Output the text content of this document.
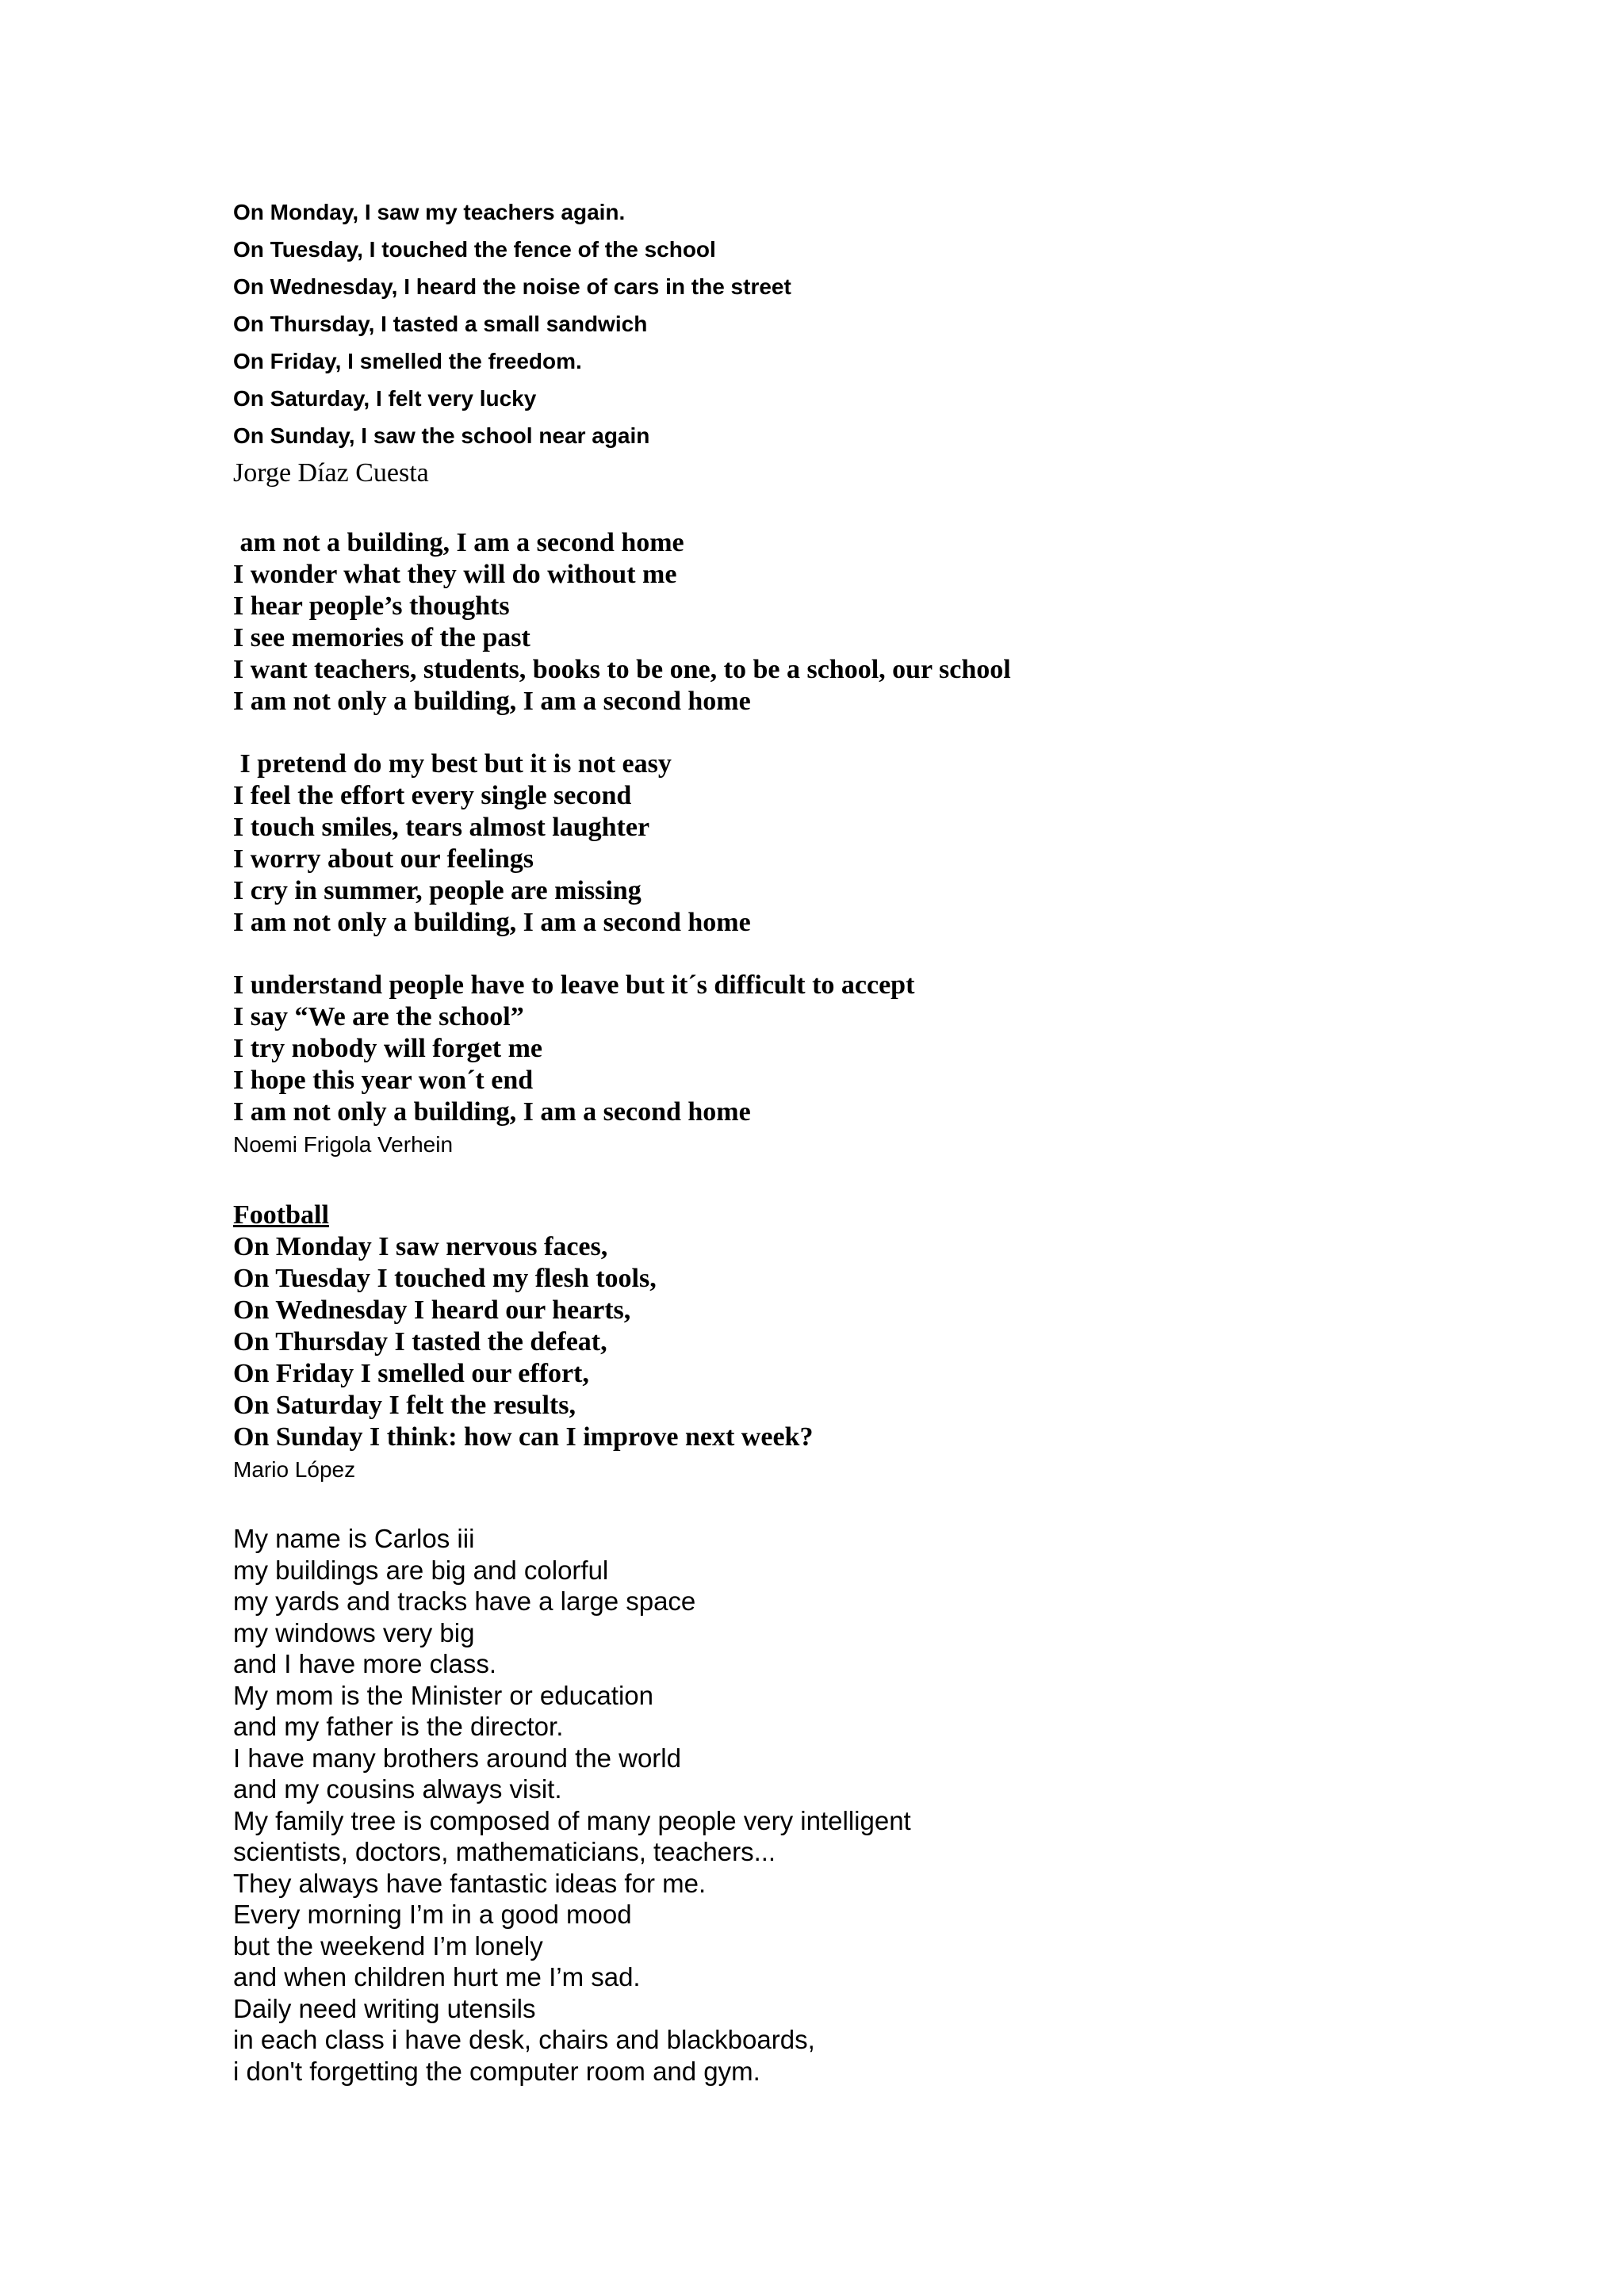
On Monday, I saw my teachers again.

On Tuesday, I touched the fence of the school

On Wednesday, I heard the noise of cars in the street

On Thursday, I tasted a small sandwich

On Friday, I smelled the freedom.

On Saturday, I felt very lucky

On Sunday, I saw the school near again

Jorge Díaz Cuesta

am not a building, I am a second home

I wonder what they will do without me

I hear people’s thoughts

I see memories of the past

I want teachers, students, books to be one, to be a school, our school

I am not only a building, I am a second home

I pretend do my best but it is not easy

I feel the effort every single second

I touch smiles, tears almost laughter

I worry about our feelings

I cry in summer, people are missing

I am not only a building, I am a second home

I understand people have to leave but it´s difficult to accept

I say “We are the school”

I try nobody will forget me

I hope this year won´t end

I am not only a building, I am a second home

Noemi Frigola Verhein

Football

On Monday I saw nervous faces,

On Tuesday I touched my flesh tools,

On Wednesday I heard our hearts,

On Thursday I tasted the defeat,

On Friday I smelled our effort,

On Saturday I felt the results,

On Sunday I think: how can I improve next week?

Mario López

My name is Carlos iii

my buildings are big and colorful

my yards and tracks have a large space

my windows very big

and I have more class.

My mom is the Minister or education

and my father is the director.

I have many brothers around the world

and my cousins always visit.

My family tree is composed of many people very intelligent

scientists, doctors, mathematicians, teachers...

They always have fantastic ideas for me.

Every morning I’m in a good mood

but the weekend I’m lonely

and when children hurt me I’m sad.

Daily need writing utensils

in each class i have desk, chairs and blackboards,

i don't forgetting the computer room and gym.
